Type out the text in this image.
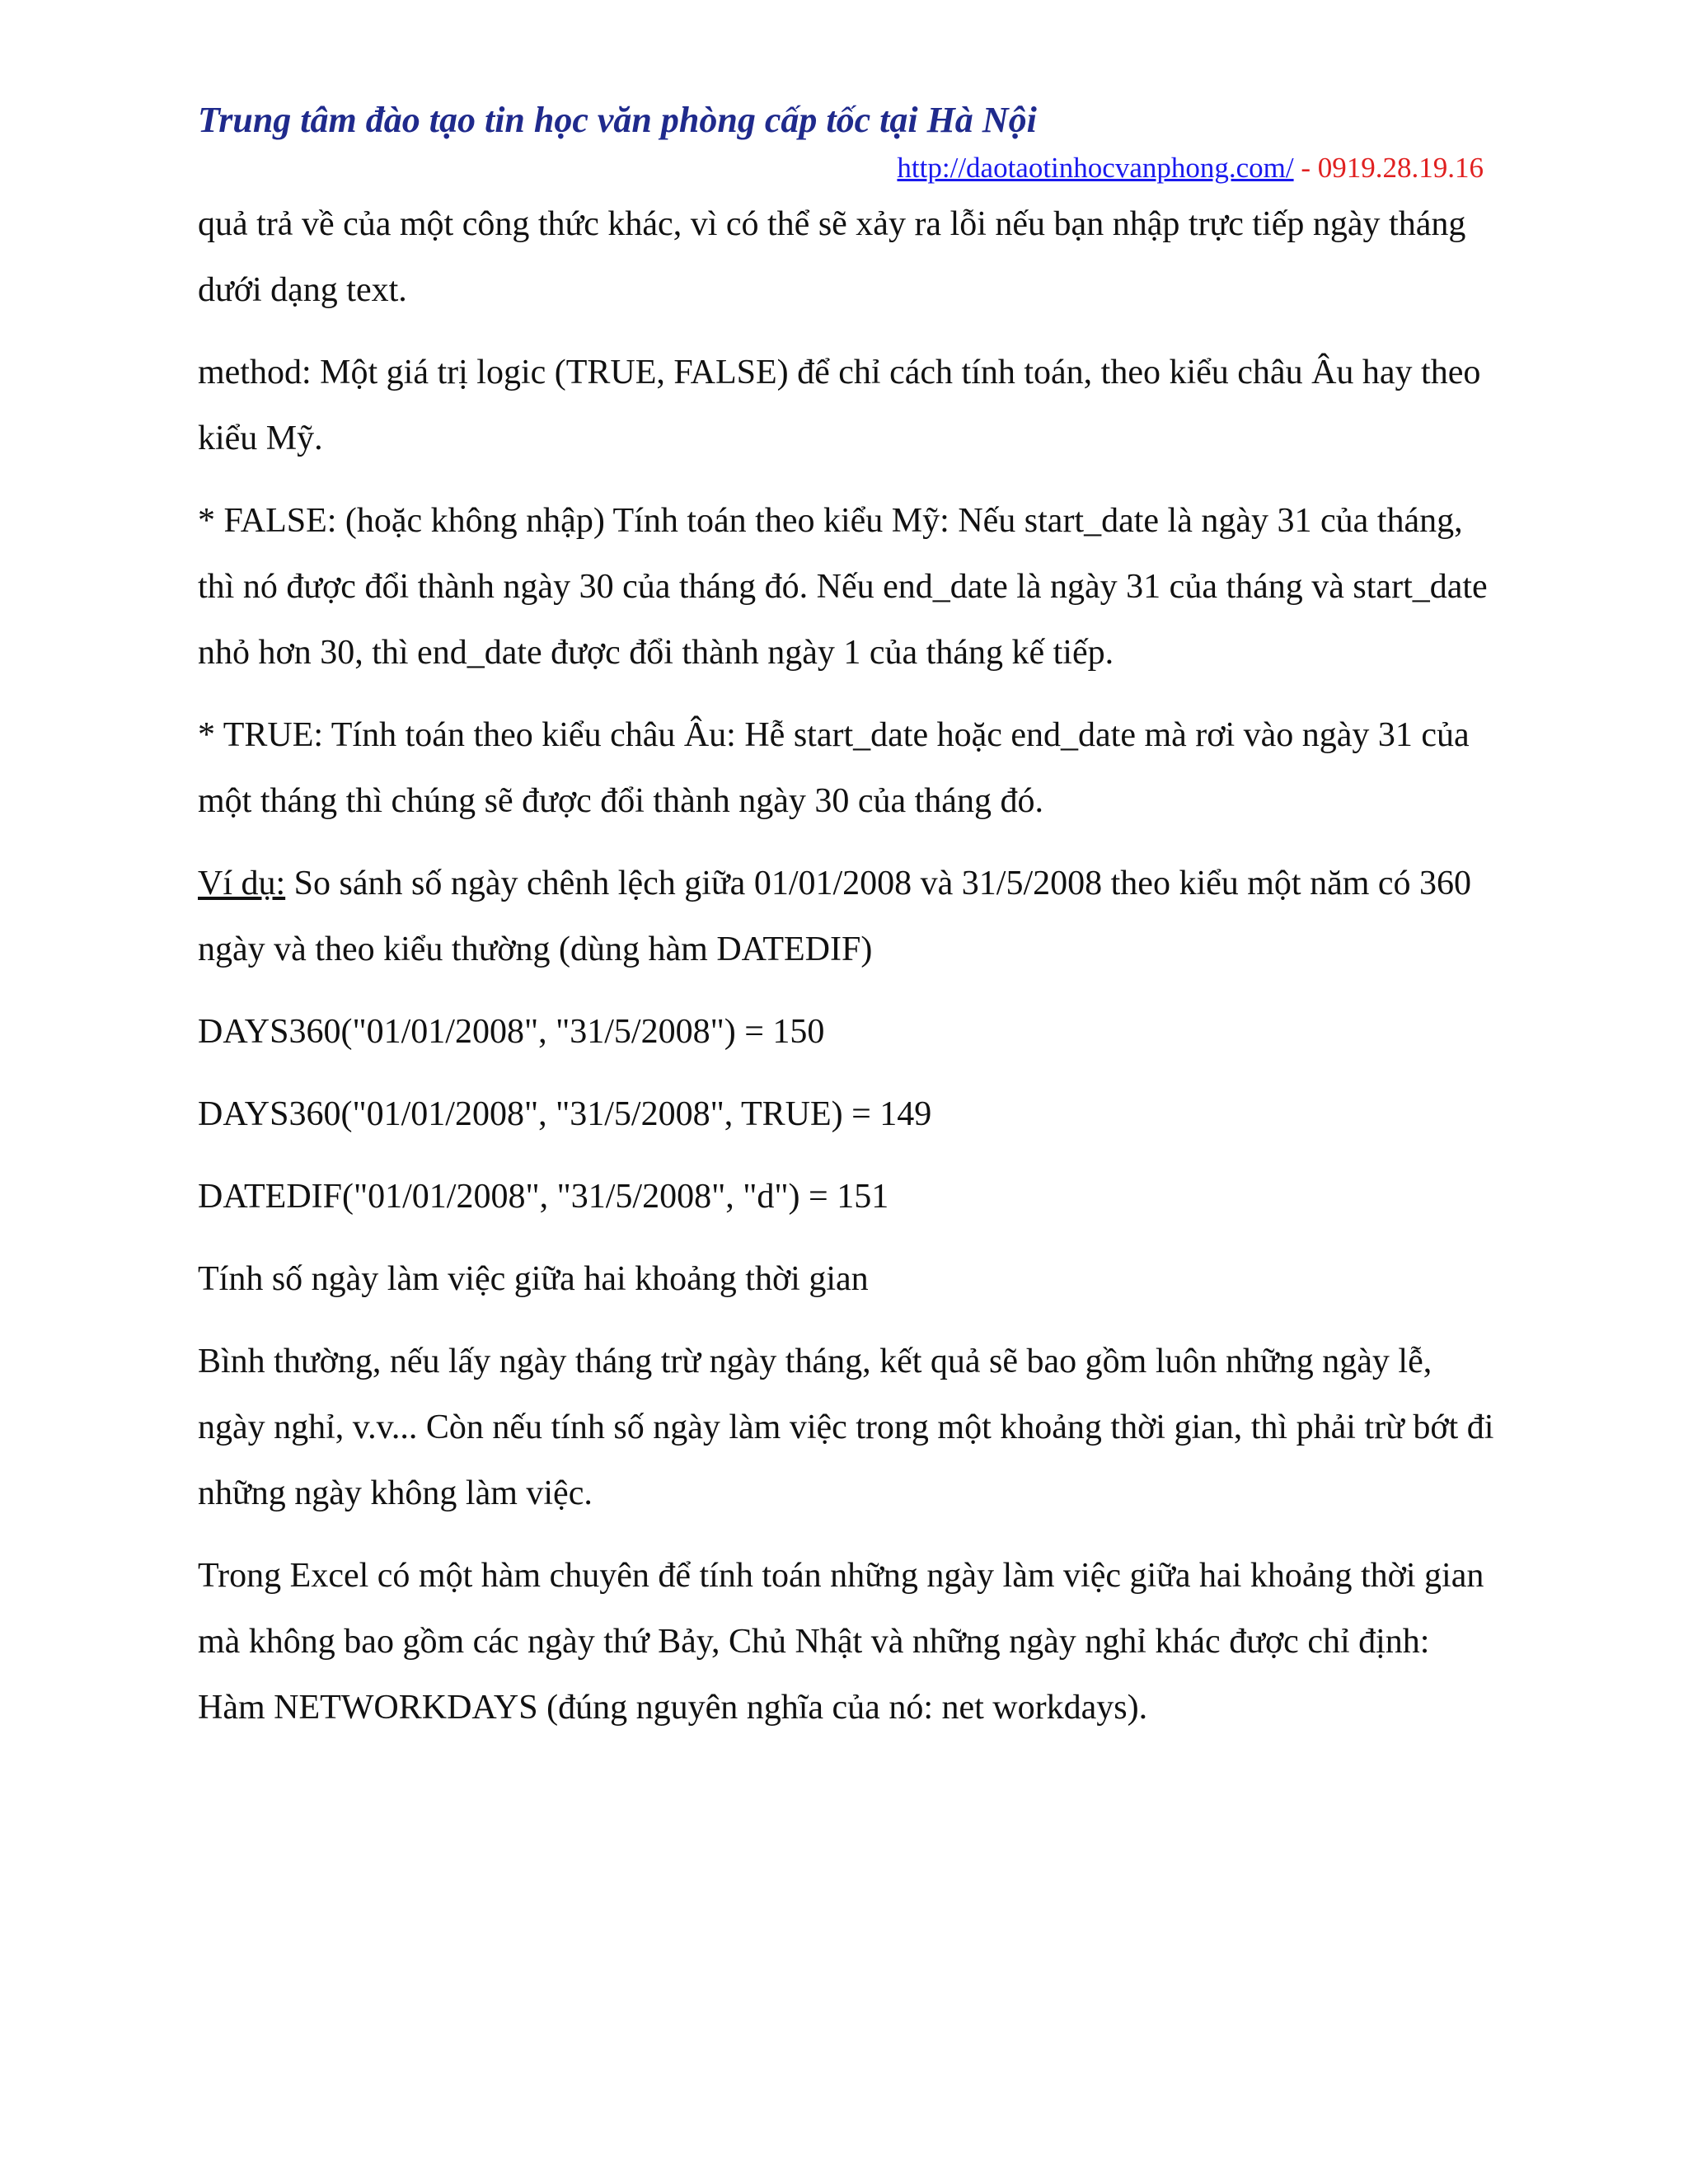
Trung tâm đào tạo tin học văn phòng cấp tốc tại Hà Nội
http://daotaotinhocvanphong.com/ - 0919.28.19.16

quả trả về của một công thức khác, vì có thể sẽ xảy ra lỗi nếu bạn nhập trực tiếp ngày tháng dưới dạng text.

method: Một giá trị logic (TRUE, FALSE) để chỉ cách tính toán, theo kiểu châu Âu hay theo kiểu Mỹ.

* FALSE: (hoặc không nhập) Tính toán theo kiểu Mỹ: Nếu start_date là ngày 31 của tháng, thì nó được đổi thành ngày 30 của tháng đó. Nếu end_date là ngày 31 của tháng và start_date nhỏ hơn 30, thì end_date được đổi thành ngày 1 của tháng kế tiếp.

* TRUE: Tính toán theo kiểu châu Âu: Hễ start_date hoặc end_date mà rơi vào ngày 31 của một tháng thì chúng sẽ được đổi thành ngày 30 của tháng đó.

Ví dụ: So sánh số ngày chênh lệch giữa 01/01/2008 và 31/5/2008 theo kiểu một năm có 360 ngày và theo kiểu thường (dùng hàm DATEDIF)

DAYS360("01/01/2008", "31/5/2008") = 150

DAYS360("01/01/2008", "31/5/2008", TRUE) = 149

DATEDIF("01/01/2008", "31/5/2008", "d") = 151

Tính số ngày làm việc giữa hai khoảng thời gian

Bình thường, nếu lấy ngày tháng trừ ngày tháng, kết quả sẽ bao gồm luôn những ngày lễ, ngày nghỉ, v.v... Còn nếu tính số ngày làm việc trong một khoảng thời gian, thì phải trừ bớt đi những ngày không làm việc.

Trong Excel có một hàm chuyên để tính toán những ngày làm việc giữa hai khoảng thời gian mà không bao gồm các ngày thứ Bảy, Chủ Nhật và những ngày nghỉ khác được chỉ định: Hàm NETWORKDAYS (đúng nguyên nghĩa của nó: net workdays).
